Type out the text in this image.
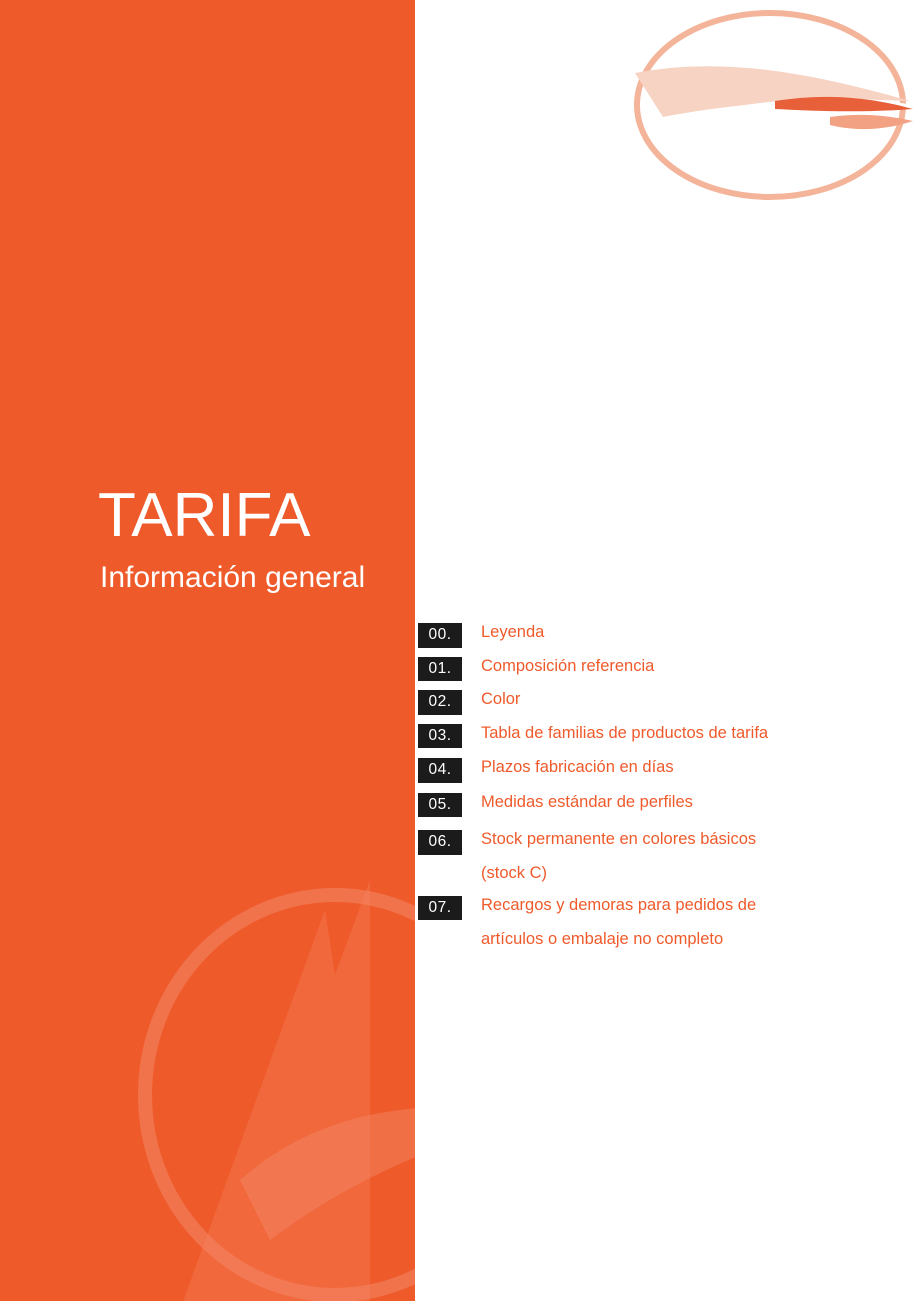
TARIFA
Información general
00.	Leyenda
01.	Composición referencia
02.	Color
03.	Tabla de familias de productos de tarifa
04.	Plazos fabricación en días
05.	Medidas estándar de perfiles
06.	Stock permanente en colores básicos
(stock C)
07.	Recargos y demoras para pedidos de
artículos o embalaje no completo
